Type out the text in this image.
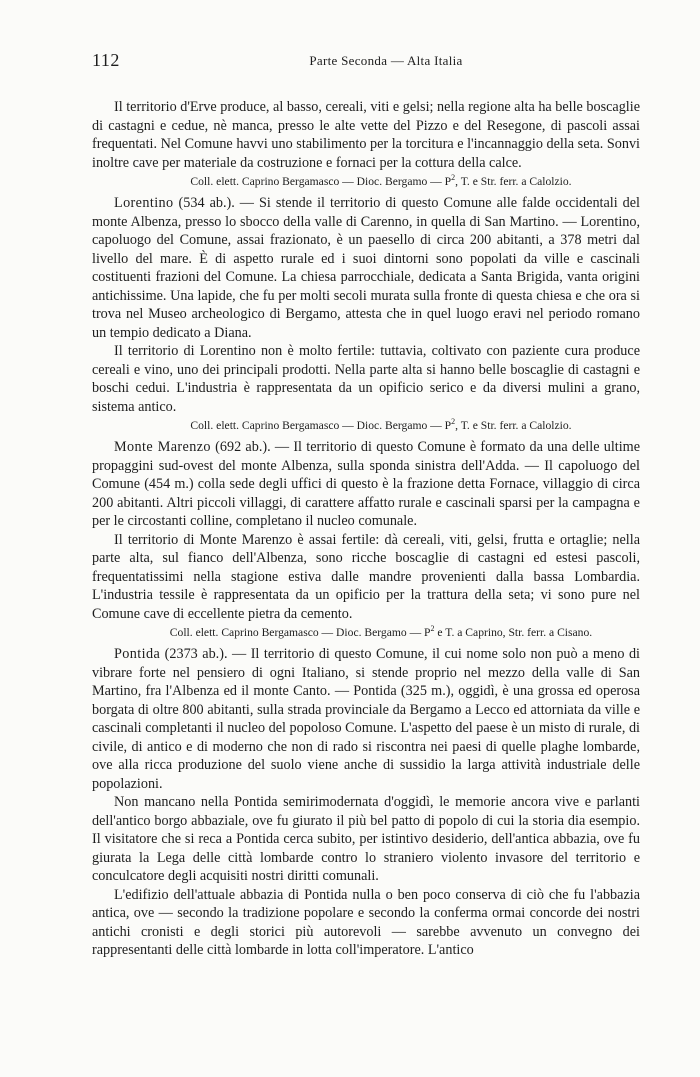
112	Parte Seconda — Alta Italia

Il territorio d'Erve produce, al basso, cereali, viti e gelsi; nella regione alta ha belle boscaglie di castagni e cedue, nè manca, presso le alte vette del Pizzo e del Resegone, di pascoli assai frequentati. Nel Comune havvi uno stabilimento per la torcitura e l'incannaggio della seta. Sonvi inoltre cave per materiale da costruzione e fornaci per la cottura della calce.

Coll. elett. Caprino Bergamasco — Dioc. Bergamo — $P^2$, T. e Str. ferr. a Calolzio.

Lorentino (534 ab.). — Si stende il territorio di questo Comune alle falde occidentali del monte Albenza, presso lo sbocco della valle di Carenno, in quella di San Martino. — Lorentino, capoluogo del Comune, assai frazionato, è un paesello di circa 200 abitanti, a 378 metri dal livello del mare. È di aspetto rurale ed i suoi dintorni sono popolati da ville e cascinali costituenti frazioni del Comune. La chiesa parrocchiale, dedicata a Santa Brigida, vanta origini antichissime. Una lapide, che fu per molti secoli murata sulla fronte di questa chiesa e che ora si trova nel Museo archeologico di Bergamo, attesta che in quel luogo eravi nel periodo romano un tempio dedicato a Diana.

Il territorio di Lorentino non è molto fertile: tuttavia, coltivato con paziente cura produce cereali e vino, uno dei principali prodotti. Nella parte alta si hanno belle boscaglie di castagni e boschi cedui. L'industria è rappresentata da un opificio serico e da diversi mulini a grano, sistema antico.

Coll. elett. Caprino Bergamasco — Dioc. Bergamo — $P^2$, T. e Str. ferr. a Calolzio.

Monte Marenzo (692 ab.). — Il territorio di questo Comune è formato da una delle ultime propaggini sud-ovest del monte Albenza, sulla sponda sinistra dell'Adda. — Il capoluogo del Comune (454 m.) colla sede degli uffici di questo è la frazione detta Fornace, villaggio di circa 200 abitanti. Altri piccoli villaggi, di carattere affatto rurale e cascinali sparsi per la campagna e per le circostanti colline, completano il nucleo comunale.

Il territorio di Monte Marenzo è assai fertile: dà cereali, viti, gelsi, frutta e ortaglie; nella parte alta, sul fianco dell'Albenza, sono ricche boscaglie di castagni ed estesi pascoli, frequentatissimi nella stagione estiva dalle mandre provenienti dalla bassa Lombardia. L'industria tessile è rappresentata da un opificio per la trattura della seta; vi sono pure nel Comune cave di eccellente pietra da cemento.

Coll. elett. Caprino Bergamasco — Dioc. Bergamo — $P^2$ e T. a Caprino, Str. ferr. a Cisano.

Pontida (2373 ab.). — Il territorio di questo Comune, il cui nome solo non può a meno di vibrare forte nel pensiero di ogni Italiano, si stende proprio nel mezzo della valle di San Martino, fra l'Albenza ed il monte Canto. — Pontida (325 m.), oggidì, è una grossa ed operosa borgata di oltre 800 abitanti, sulla strada provinciale da Bergamo a Lecco ed attorniata da ville e cascinali completanti il nucleo del popoloso Comune. L'aspetto del paese è un misto di rurale, di civile, di antico e di moderno che non di rado si riscontra nei paesi di quelle plaghe lombarde, ove alla ricca produzione del suolo viene anche di sussidio la larga attività industriale delle popolazioni.

Non mancano nella Pontida semirimodernata d'oggidì, le memorie ancora vive e parlanti dell'antico borgo abbaziale, ove fu giurato il più bel patto di popolo di cui la storia dia esempio. Il visitatore che si reca a Pontida cerca subito, per istintivo desiderio, dell'antica abbazia, ove fu giurata la Lega delle città lombarde contro lo straniero violento invasore del territorio e conculcatore degli acquisiti nostri diritti comunali.

L'edifizio dell'attuale abbazia di Pontida nulla o ben poco conserva di ciò che fu l'abbazia antica, ove — secondo la tradizione popolare e secondo la conferma ormai concorde dei nostri antichi cronisti e degli storici più autorevoli — sarebbe avvenuto un convegno dei rappresentanti delle città lombarde in lotta coll'imperatore. L'antico
